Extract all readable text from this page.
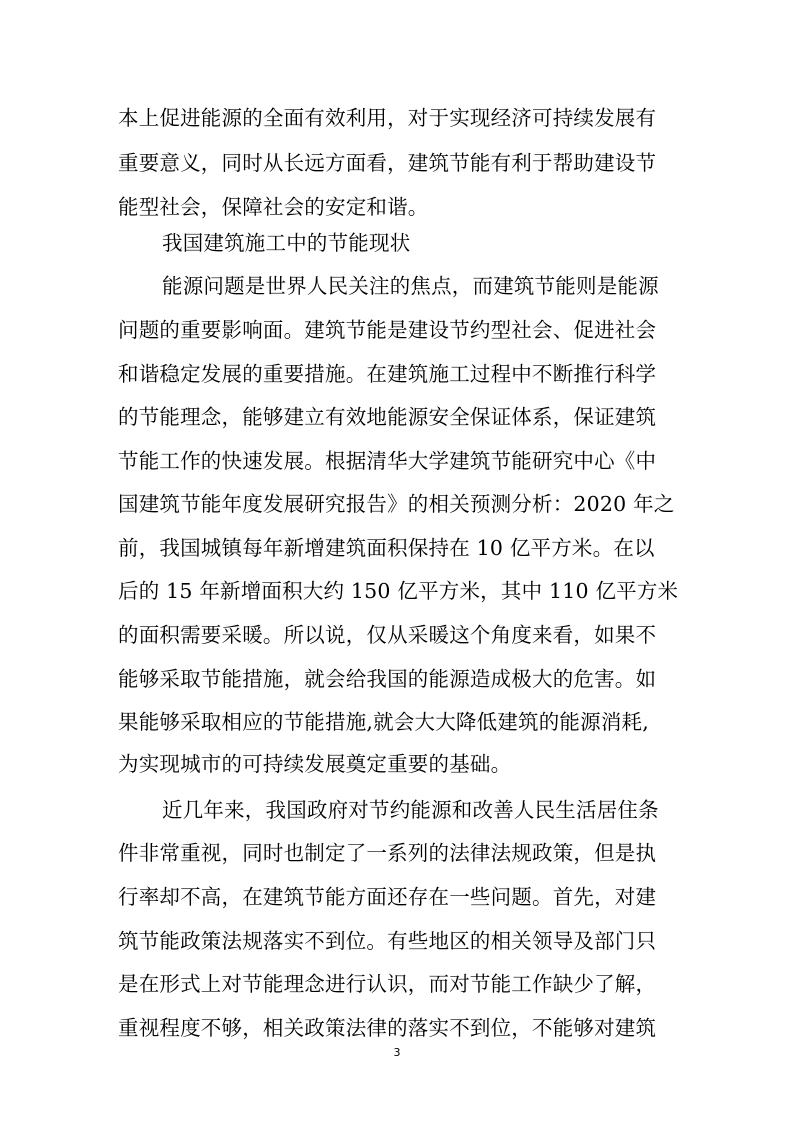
本上促进能源的全面有效利用，对于实现经济可持续发展有
重要意义，同时从长远方面看，建筑节能有利于帮助建设节
能型社会，保障社会的安定和谐。
我国建筑施工中的节能现状
能源问题是世界人民关注的焦点，而建筑节能则是能源
问题的重要影响面。建筑节能是建设节约型社会、促进社会
和谐稳定发展的重要措施。在建筑施工过程中不断推行科学
的节能理念，能够建立有效地能源安全保证体系，保证建筑
节能工作的快速发展。根据清华大学建筑节能研究中心《中
国建筑节能年度发展研究报告》的相关预测分析：2020 年之
前，我国城镇每年新增建筑面积保持在 10 亿平方米。在以
后的 15 年新增面积大约 150 亿平方米，其中 110 亿平方米
的面积需要采暖。所以说，仅从采暖这个角度来看，如果不
能够采取节能措施，就会给我国的能源造成极大的危害。如
果能够采取相应的节能措施,就会大大降低建筑的能源消耗,
为实现城市的可持续发展奠定重要的基础。
近几年来，我国政府对节约能源和改善人民生活居住条
件非常重视，同时也制定了一系列的法律法规政策，但是执
行率却不高，在建筑节能方面还存在一些问题。首先，对建
筑节能政策法规落实不到位。有些地区的相关领导及部门只
是在形式上对节能理念进行认识，而对节能工作缺少了解，
重视程度不够，相关政策法律的落实不到位，不能够对建筑
3
